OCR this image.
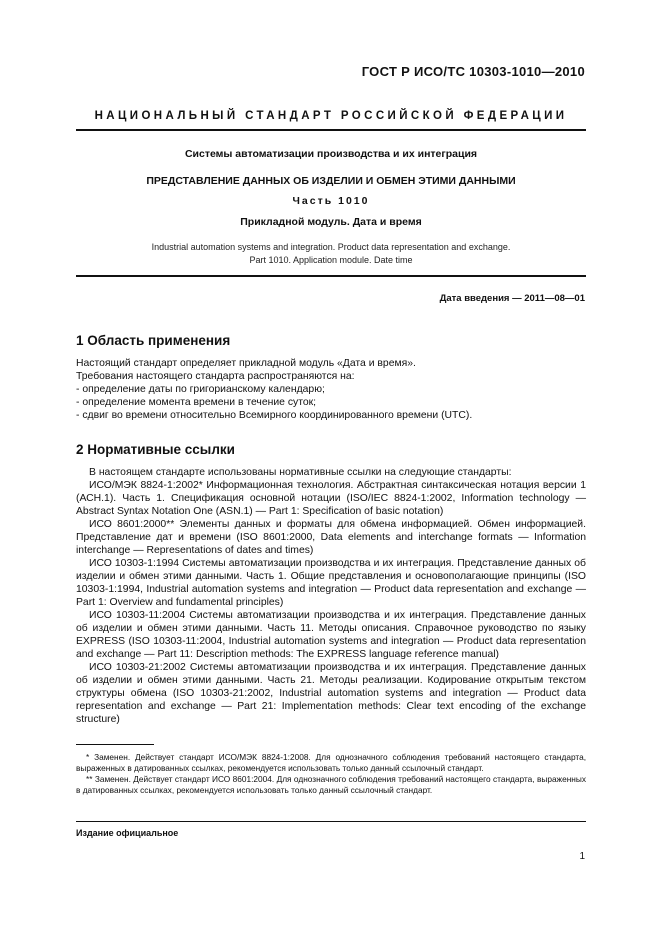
ГОСТ Р ИСО/ТС 10303-1010—2010
НАЦИОНАЛЬНЫЙ СТАНДАРТ РОССИЙСКОЙ ФЕДЕРАЦИИ
Системы автоматизации производства и их интеграция
ПРЕДСТАВЛЕНИЕ ДАННЫХ ОБ ИЗДЕЛИИ И ОБМЕН ЭТИМИ ДАННЫМИ
Часть 1010
Прикладной модуль. Дата и время
Industrial automation systems and integration. Product data representation and exchange.
Part 1010. Application module. Date time
Дата введения — 2011—08—01
1 Область применения

Настоящий стандарт определяет прикладной модуль «Дата и время».

Требования настоящего стандарта распространяются на:

- определение даты по григорианскому календарю;

- определение момента времени в течение суток;

- сдвиг во времени относительно Всемирного координированного времени (UTC).

2 Нормативные ссылки

В настоящем стандарте использованы нормативные ссылки на следующие стандарты:

ИСО/МЭК 8824-1:2002* Информационная технология. Абстрактная синтаксическая нотация версии 1 (АСН.1). Часть 1. Спецификация основной нотации (ISO/IEC 8824-1:2002, Information technology — Abstract Syntax Notation One (ASN.1) — Part 1: Specification of basic notation)

ИСО 8601:2000** Элементы данных и форматы для обмена информацией. Обмен информацией. Представление дат и времени (ISO 8601:2000, Data elements and interchange formats — Information interchange — Representations of dates and times)

ИСО 10303-1:1994 Системы автоматизации производства и их интеграция. Представление данных об изделии и обмен этими данными. Часть 1. Общие представления и основополагающие принципы (ISO 10303-1:1994, Industrial automation systems and integration — Product data representation and exchange — Part 1: Overview and fundamental principles)

ИСО 10303-11:2004 Системы автоматизации производства и их интеграция. Представление данных об изделии и обмен этими данными. Часть 11. Методы описания. Справочное руководство по языку EXPRESS (ISO 10303-11:2004, Industrial automation systems and integration — Product data representation and exchange — Part 11: Description methods: The EXPRESS language reference manual)

ИСО 10303-21:2002 Системы автоматизации производства и их интеграция. Представление данных об изделии и обмен этими данными. Часть 21. Методы реализации. Кодирование открытым текстом структуры обмена (ISO 10303-21:2002, Industrial automation systems and integration — Product data representation and exchange — Part 21: Implementation methods: Clear text encoding of the exchange structure)

* Заменен. Действует стандарт ИСО/МЭК 8824-1:2008. Для однозначного соблюдения требований настоящего стандарта, выраженных в датированных ссылках, рекомендуется использовать только данный ссылочный стандарт.

** Заменен. Действует стандарт ИСО 8601:2004. Для однозначного соблюдения требований настоящего стандарта, выраженных в датированных ссылках, рекомендуется использовать только данный ссылочный стандарт.

Издание официальное
1
